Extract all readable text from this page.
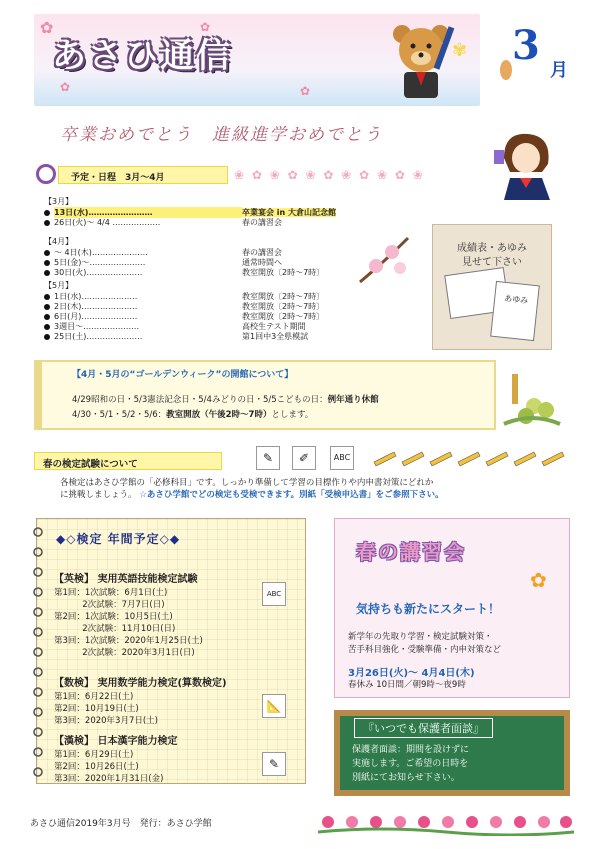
✿
✿
✿
✿
あさひ通信	✾ 3
月
卒業おめでとう　進級進学おめでとう
予定・日程　3月～4月	❀ ✿ ❀ ✿ ❀ ✿ ❀ ✿ ❀ ✿ ❀
【3月】
13日(水)……………………	卒業宴会 in 大倉山記念館
26日(火)～ 4/4 ………………	春の講習会
【4月】
～ 4日(木)…………………	春の講習会
5日(金)～…………………	通常時間へ
30日(火)…………………	教室開放〔2時～7時〕
【5月】
1日(水)…………………	教室開放〔2時～7時〕
2日(木)…………………	教室開放〔2時～7時〕
6日(月)…………………	教室開放〔2時～7時〕
3週目～…………………	高校生テスト期間
25日(土)…………………	第1回中3全県模試
成績表・あゆみ
見せて下さい
あゆみ
【4月・5月の“ゴールデンウィーク”の開館について】
4/29昭和の日・5/3憲法記念日・5/4みどりの日・5/5こどもの日：例年通り休館
4/30・5/1・5/2・5/6：教室開放（午後2時～7時）とします。
春の検定試験について	✎	✐	ABC
各検定はあさひ学館の「必修科目」です。しっかり準備して学習の目標作りや内申書対策にどれか
に挑戦しましょう。 ☆あさひ学館でどの検定も受検できます。別紙「受検申込書」をご参照下さい。
◆◇検定 年間予定◇◆
【英検】 実用英語技能検定試験
第1回：1次試験：6月1日(土)
　　　 2次試験：7月7日(日)
第2回：1次試験：10月5日(土)
　　　 2次試験：11月10日(日)
第3回：1次試験：2020年1月25日(土)
　　　 2次試験：2020年3月1日(日)
【数検】 実用数学能力検定(算数検定)
第1回：6月22日(土)
第2回：10月19日(土)
第3回：2020年3月7日(土)
【漢検】 日本漢字能力検定
第1回：6月29日(土)
第2回：10月26日(土)
第3回：2020年1月31日(金)
ABC
📐
✎
春の講習会
✿
気持ちも新たにスタート！
新学年の先取り学習・検定試験対策・
苦手科目強化・受験準備・内申対策など
3月26日(火)～ 4月4日(木)
春休み 10日間／朝9時～夜9時
『いつでも保護者面談』
保護者面談：期間を設けずに
実施します。ご希望の日時を
別紙にてお知らせ下さい。
あさひ通信2019年3月号　発行：あさひ学館
